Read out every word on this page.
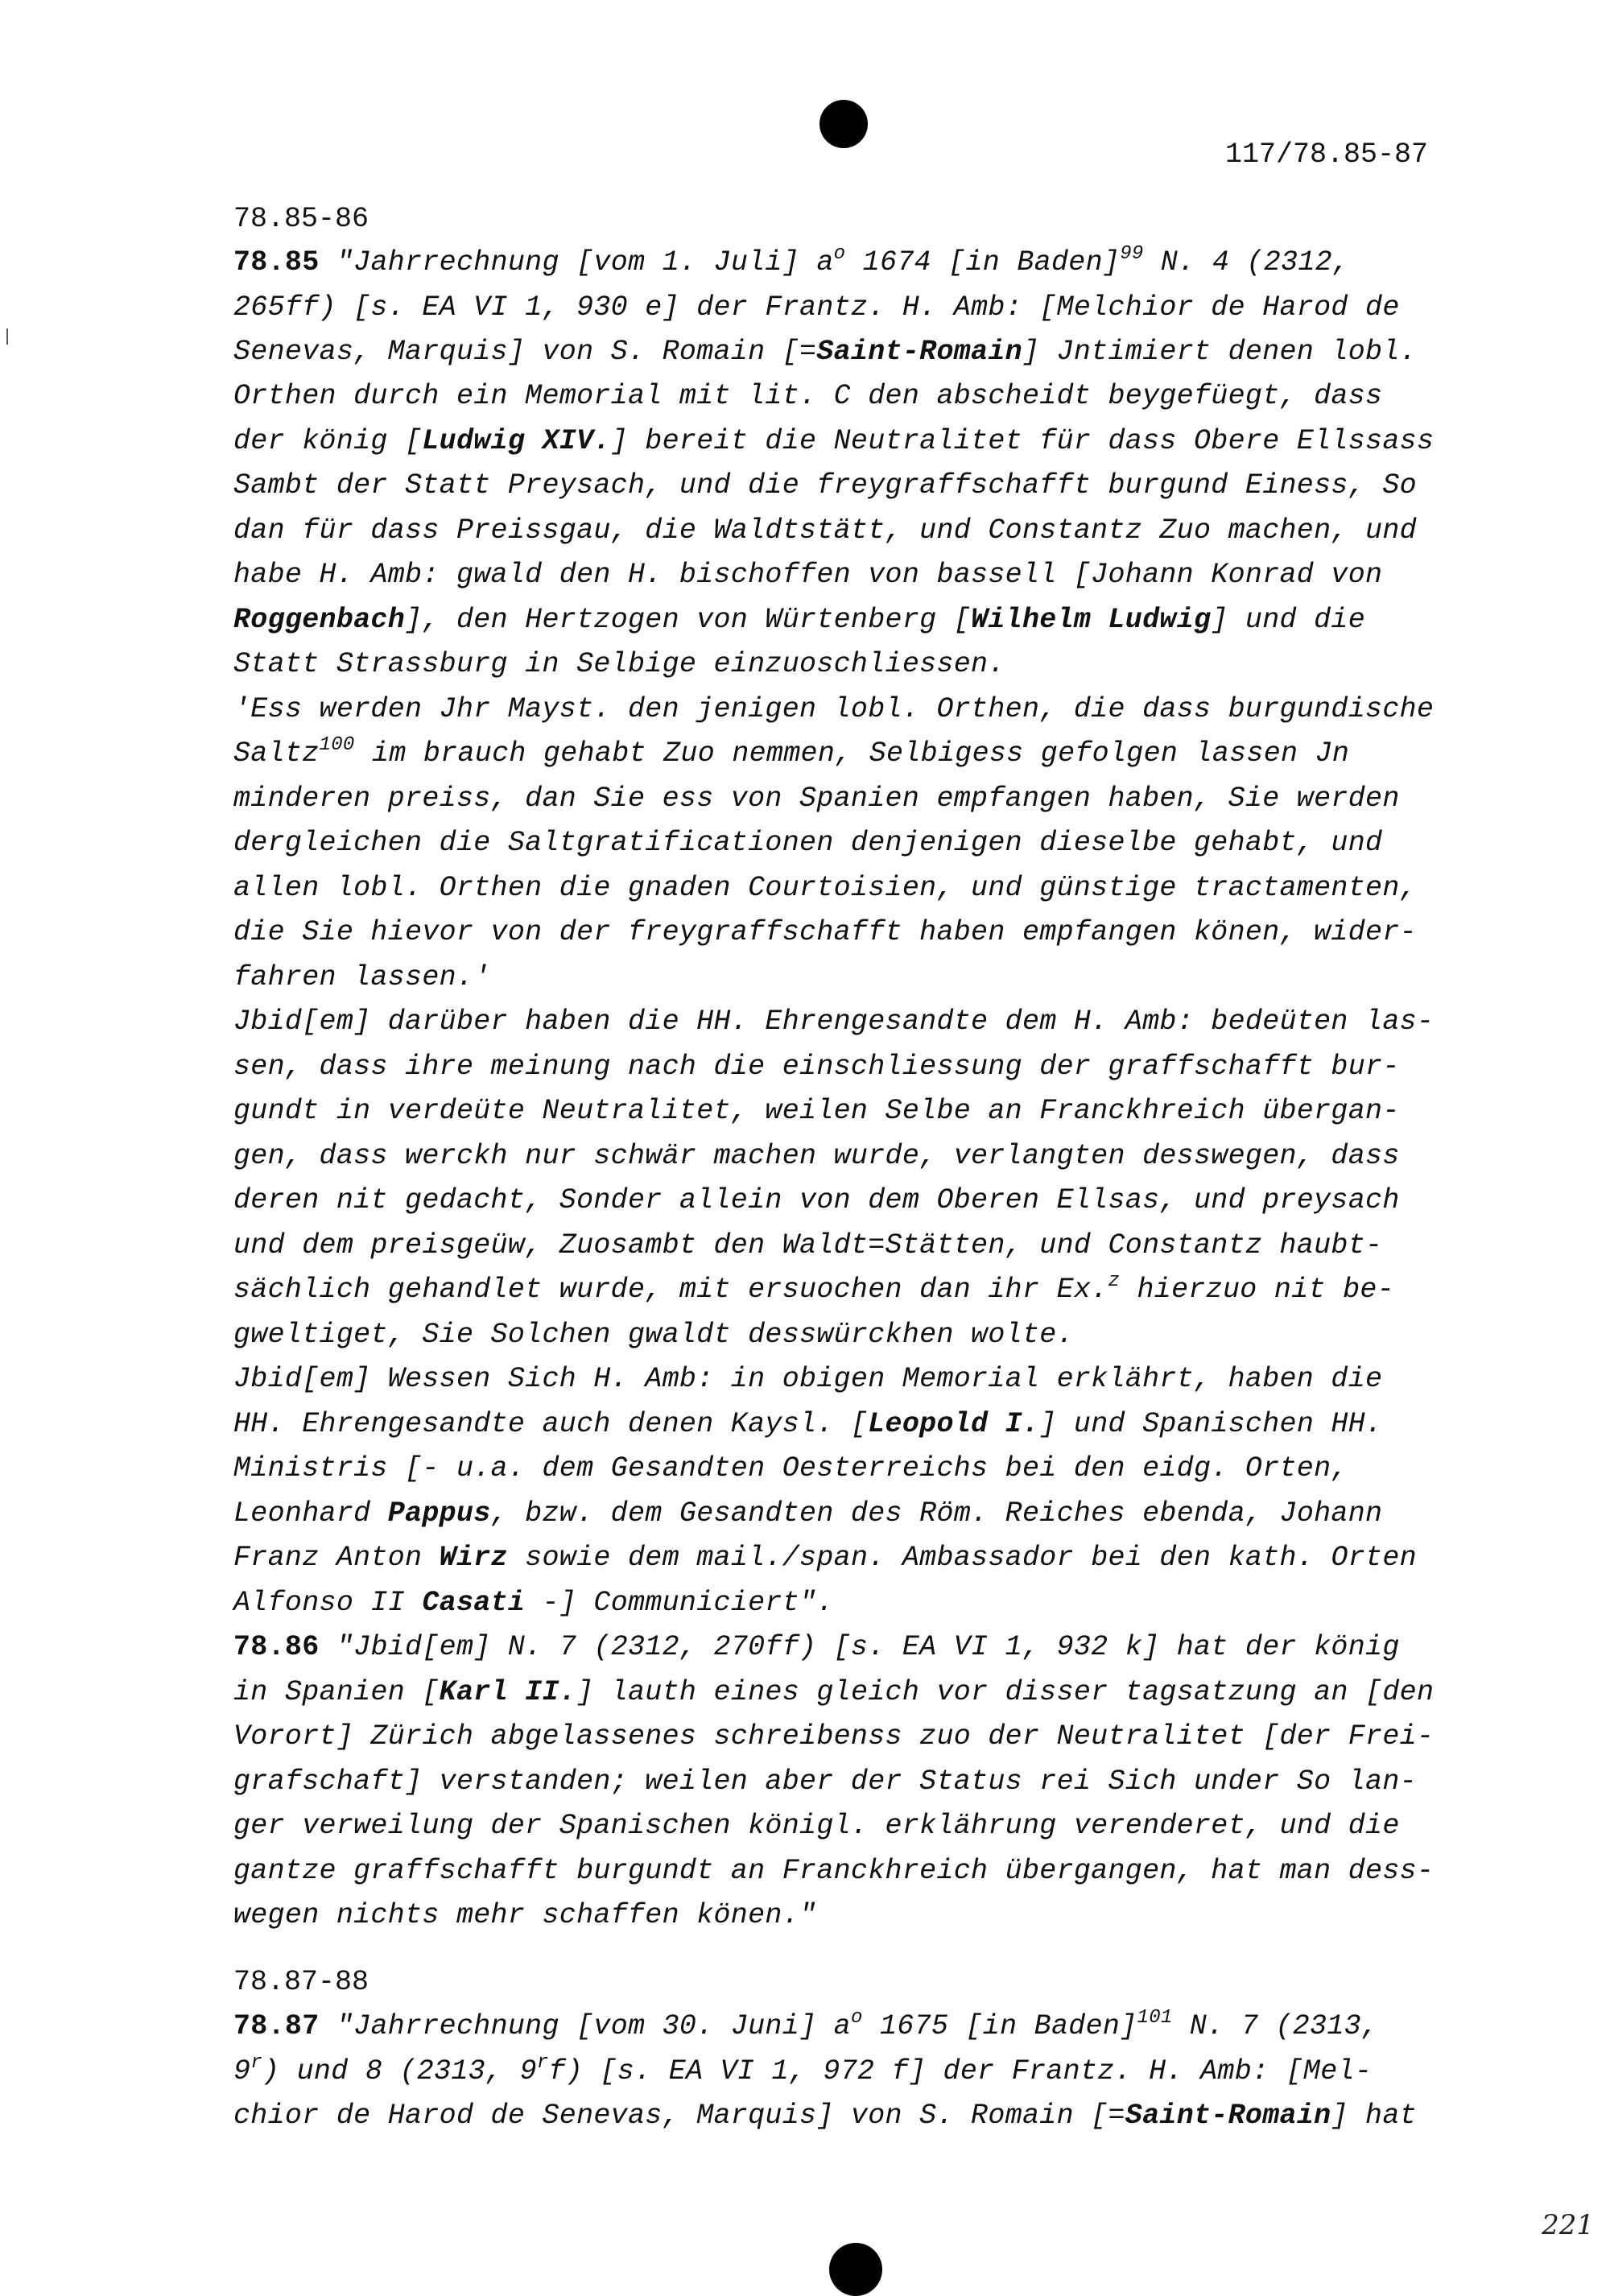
117/78.85-87
78.85-86
78.85 "Jahrrechnung [vom 1. Juli] $a^o$ 1674 [in Baden]$^{99}$ N. 4 (2312,
265ff) [s. EA VI 1, 930 e] der Frantz. H. Amb: [Melchior de Harod de
Senevas, Marquis] von S. Romain [=Saint-Romain] Jntimiert denen lobl.
Orthen durch ein Memorial mit lit. C den abscheidt beygefüegt, dass
der könig [Ludwig XIV.] bereit die Neutralitet für dass Obere Ellssass
Sambt der Statt Preysach, und die freygraffschafft burgund Einess, So
dan für dass Preissgau, die Waldtstätt, und Constantz Zuo machen, und
habe H. Amb: gwald den H. bischoffen von bassell [Johann Konrad von
Roggenbach], den Hertzogen von Würtenberg [Wilhelm Ludwig] und die
Statt Strassburg in Selbige einzuoschliessen.
'Ess werden Jhr Mayst. den jenigen lobl. Orthen, die dass burgundische
Saltz$^{100}$ im brauch gehabt Zuo nemmen, Selbigess gefolgen lassen Jn
minderen preiss, dan Sie ess von Spanien empfangen haben, Sie werden
dergleichen die Saltgratificationen denjenigen dieselbe gehabt, und
allen lobl. Orthen die gnaden Courtoisien, und günstige tractamenten,
die Sie hievor von der freygraffschafft haben empfangen könen, wider-
fahren lassen.'
Jbid[em] darüber haben die HH. Ehrengesandte dem H. Amb: bedeüten las-
sen, dass ihre meinung nach die einschliessung der graffschafft bur-
gundt in verdeüte Neutralitet, weilen Selbe an Franckhreich übergan-
gen, dass werckh nur schwär machen wurde, verlangten desswegen, dass
deren nit gedacht, Sonder allein von dem Oberen Ellsas, und preysach
und dem preisgeüw, Zuosambt den Waldt=Stätten, und Constantz haubt-
sächlich gehandlet wurde, mit ersuochen dan ihr Ex.$^z$ hierzuo nit be-
gweltiget, Sie Solchen gwaldt desswürckhen wolte.
Jbid[em] Wessen Sich H. Amb: in obigen Memorial erklährt, haben die
HH. Ehrengesandte auch denen Kaysl. [Leopold I.] und Spanischen HH.
Ministris [- u.a. dem Gesandten Oesterreichs bei den eidg. Orten,
Leonhard Pappus, bzw. dem Gesandten des Röm. Reiches ebenda, Johann
Franz Anton Wirz sowie dem mail./span. Ambassador bei den kath. Orten
Alfonso II Casati -] Communiciert".
78.86 "Jbid[em] N. 7 (2312, 270ff) [s. EA VI 1, 932 k] hat der könig
in Spanien [Karl II.] lauth eines gleich vor disser tagsatzung an [den
Vorort] Zürich abgelassenes schreibenss zuo der Neutralitet [der Frei-
grafschaft] verstanden; weilen aber der Status rei Sich under So lan-
ger verweilung der Spanischen königl. erklährung verenderet, und die
gantze graffschafft burgundt an Franckhreich übergangen, hat man dess-
wegen nichts mehr schaffen könen."
78.87-88
78.87 "Jahrrechnung [vom 30. Juni] $a^o$ 1675 [in Baden]$^{101}$ N. 7 (2313,
9$^r$) und 8 (2313, 9$^r$f) [s. EA VI 1, 972 f] der Frantz. H. Amb: [Mel-
chior de Harod de Senevas, Marquis] von S. Romain [=Saint-Romain] hat
221
